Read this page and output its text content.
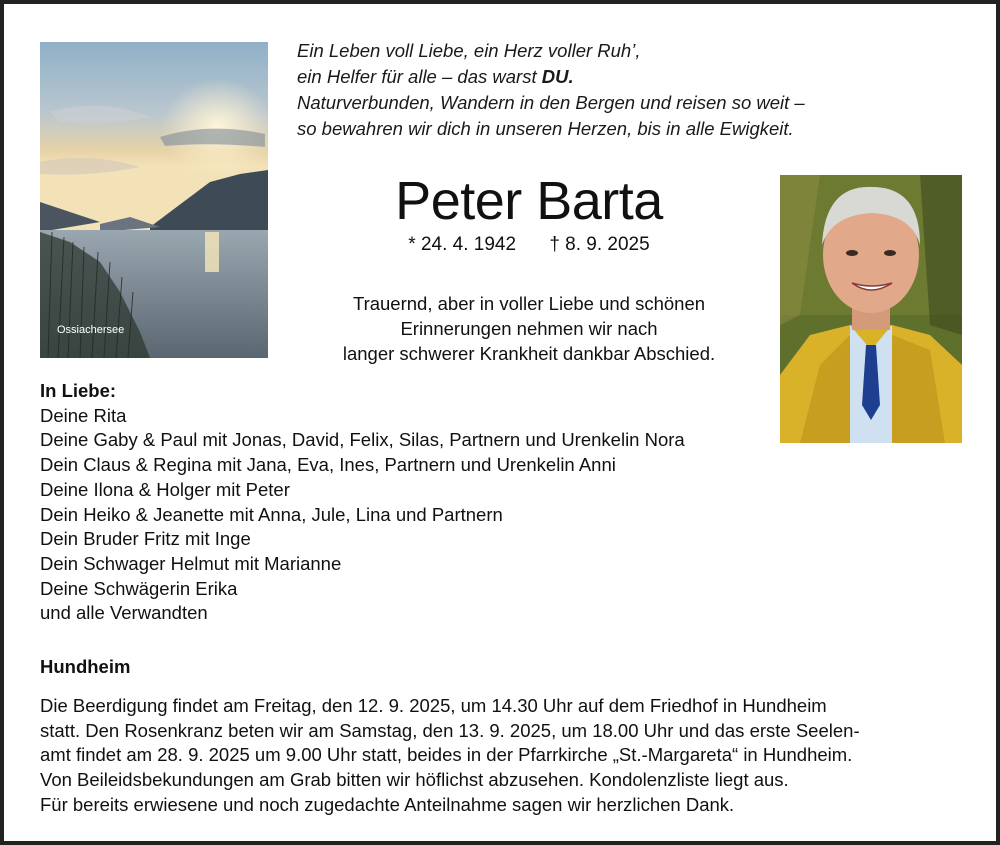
Ossiachersee
Ein Leben voll Liebe, ein Herz voller Ruh’,
ein Helfer für alle – das warst DU.
Naturverbunden, Wandern in den Bergen und reisen so weit –
so bewahren wir dich in unseren Herzen, bis in alle Ewigkeit.
Peter Barta
* 24. 4. 1942 † 8. 9. 2025
Trauernd, aber in voller Liebe und schönen
Erinnerungen nehmen wir nach
langer schwerer Krankheit dankbar Abschied.
In Liebe:
Deine Rita
Deine Gaby & Paul mit Jonas, David, Felix, Silas, Partnern und Urenkelin Nora
Dein Claus & Regina mit Jana, Eva, Ines, Partnern und Urenkelin Anni
Deine Ilona & Holger mit Peter
Dein Heiko & Jeanette mit Anna, Jule, Lina und Partnern
Dein Bruder Fritz mit Inge
Dein Schwager Helmut mit Marianne
Deine Schwägerin Erika
und alle Verwandten
Hundheim
Die Beerdigung findet am Freitag, den 12. 9. 2025, um 14.30 Uhr auf dem Friedhof in Hundheim
statt. Den Rosenkranz beten wir am Samstag, den 13. 9. 2025, um 18.00 Uhr und das erste Seelen-
amt findet am 28. 9. 2025 um 9.00 Uhr statt, beides in der Pfarrkirche „St.-Margareta“ in Hundheim.
Von Beileidsbekundungen am Grab bitten wir höflichst abzusehen. Kondolenzliste liegt aus.
Für bereits erwiesene und noch zugedachte Anteilnahme sagen wir herzlichen Dank.
